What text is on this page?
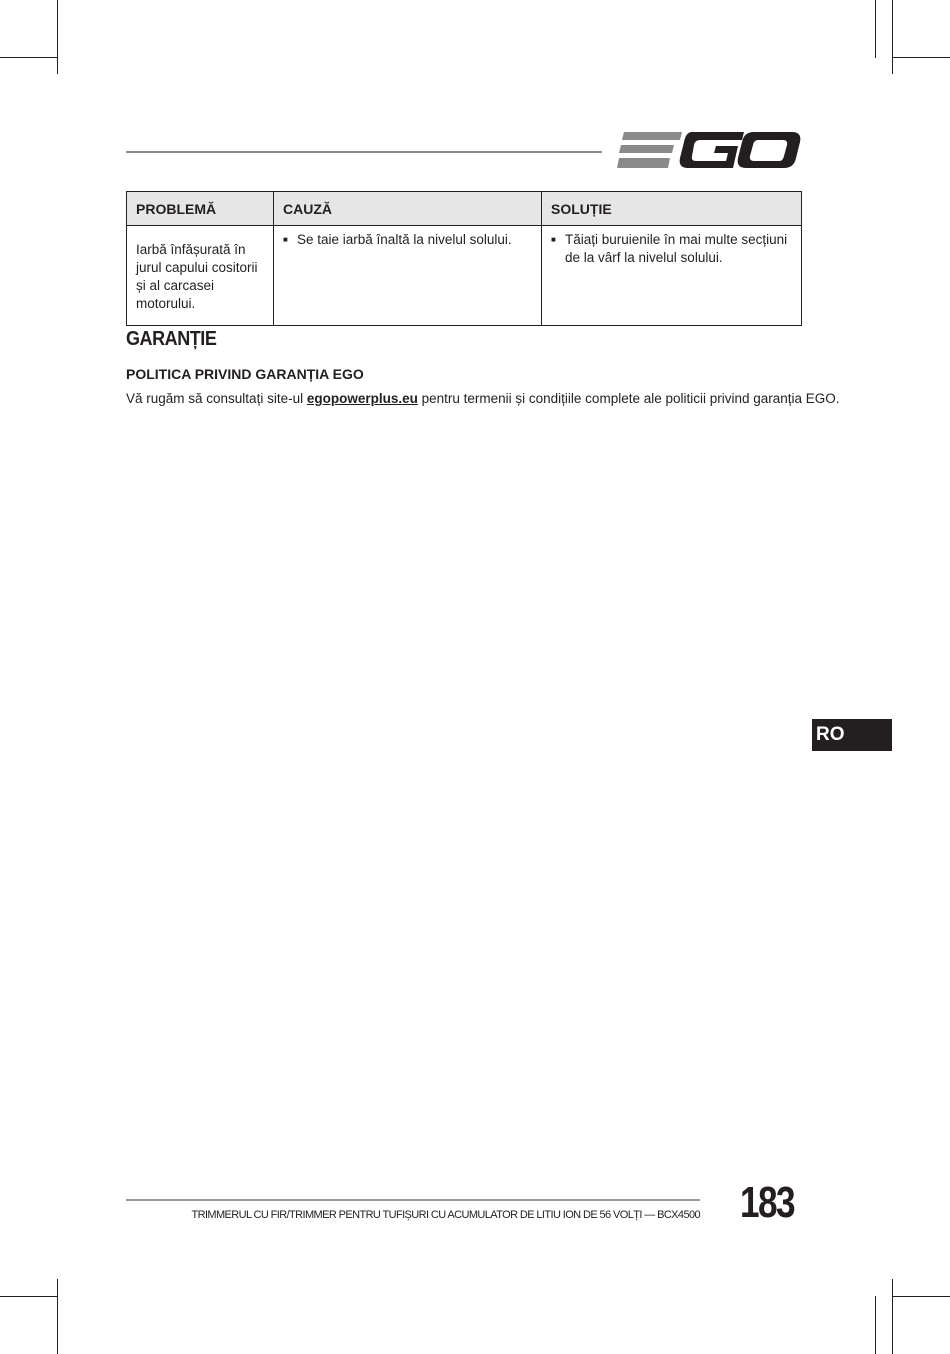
PROBLEMĂ	CAUZĂ	SOLUȚIE

Iarbă înfășurată în jurul capului cositorii și al carcasei motorului.	■ Se taie iarbă înaltă la nivelul solului.	■ Tăiați buruienile în mai multe secțiuni de la vârf la nivelul solului.
GARANȚIE
POLITICA PRIVIND GARANȚIA EGO

Vă rugăm să consultați site-ul egopowerplus.eu pentru termenii și condițiile complete ale politicii privind garanția EGO.

RO
TRIMMERUL CU FIR/TRIMMER PENTRU TUFIȘURI CU ACUMULATOR DE LITIU ION DE 56 VOLȚI — BCX4500 183
